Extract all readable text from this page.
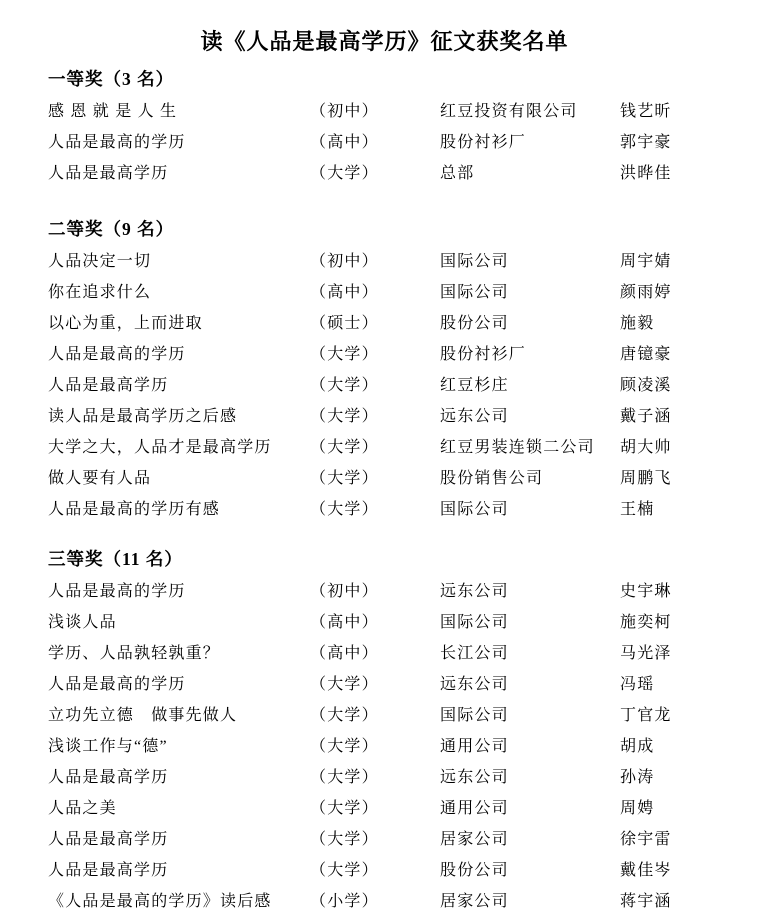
读《人品是最高学历》征文获奖名单
一等奖（3 名）
感 恩 就 是 人 生	（初中）	红豆投资有限公司	钱艺昕
人品是最高的学历	（高中）	股份衬衫厂	郭宇豪
人品是最高学历	（大学）	总部	洪晔佳
二等奖（9 名）
人品决定一切	（初中）	国际公司	周宇婧
你在追求什么	（高中）	国际公司	颜雨婷
以心为重，上而进取	（硕士）	股份公司	施毅
人品是最高的学历	（大学）	股份衬衫厂	唐镱豪
人品是最高学历	（大学）	红豆杉庄	顾凌溪
读人品是最高学历之后感	（大学）	远东公司	戴子涵
大学之大，人品才是最高学历	（大学）	红豆男装连锁二公司	胡大帅
做人要有人品	（大学）	股份销售公司	周鹏飞
人品是最高的学历有感	（大学）	国际公司	王楠
三等奖（11 名）
人品是最高的学历	（初中）	远东公司	史宇琳
浅谈人品	（高中）	国际公司	施奕柯
学历、人品孰轻孰重？	（高中）	长江公司	马光泽
人品是最高的学历	（大学）	远东公司	冯瑶
立功先立德　做事先做人	（大学）	国际公司	丁官龙
浅谈工作与“德”	（大学）	通用公司	胡成
人品是最高学历	（大学）	远东公司	孙涛
人品之美	（大学）	通用公司	周娉
人品是最高学历	（大学）	居家公司	徐宇雷
人品是最高学历	（大学）	股份公司	戴佳岑
《人品是最高的学历》读后感	（小学）	居家公司	蒋宇涵
